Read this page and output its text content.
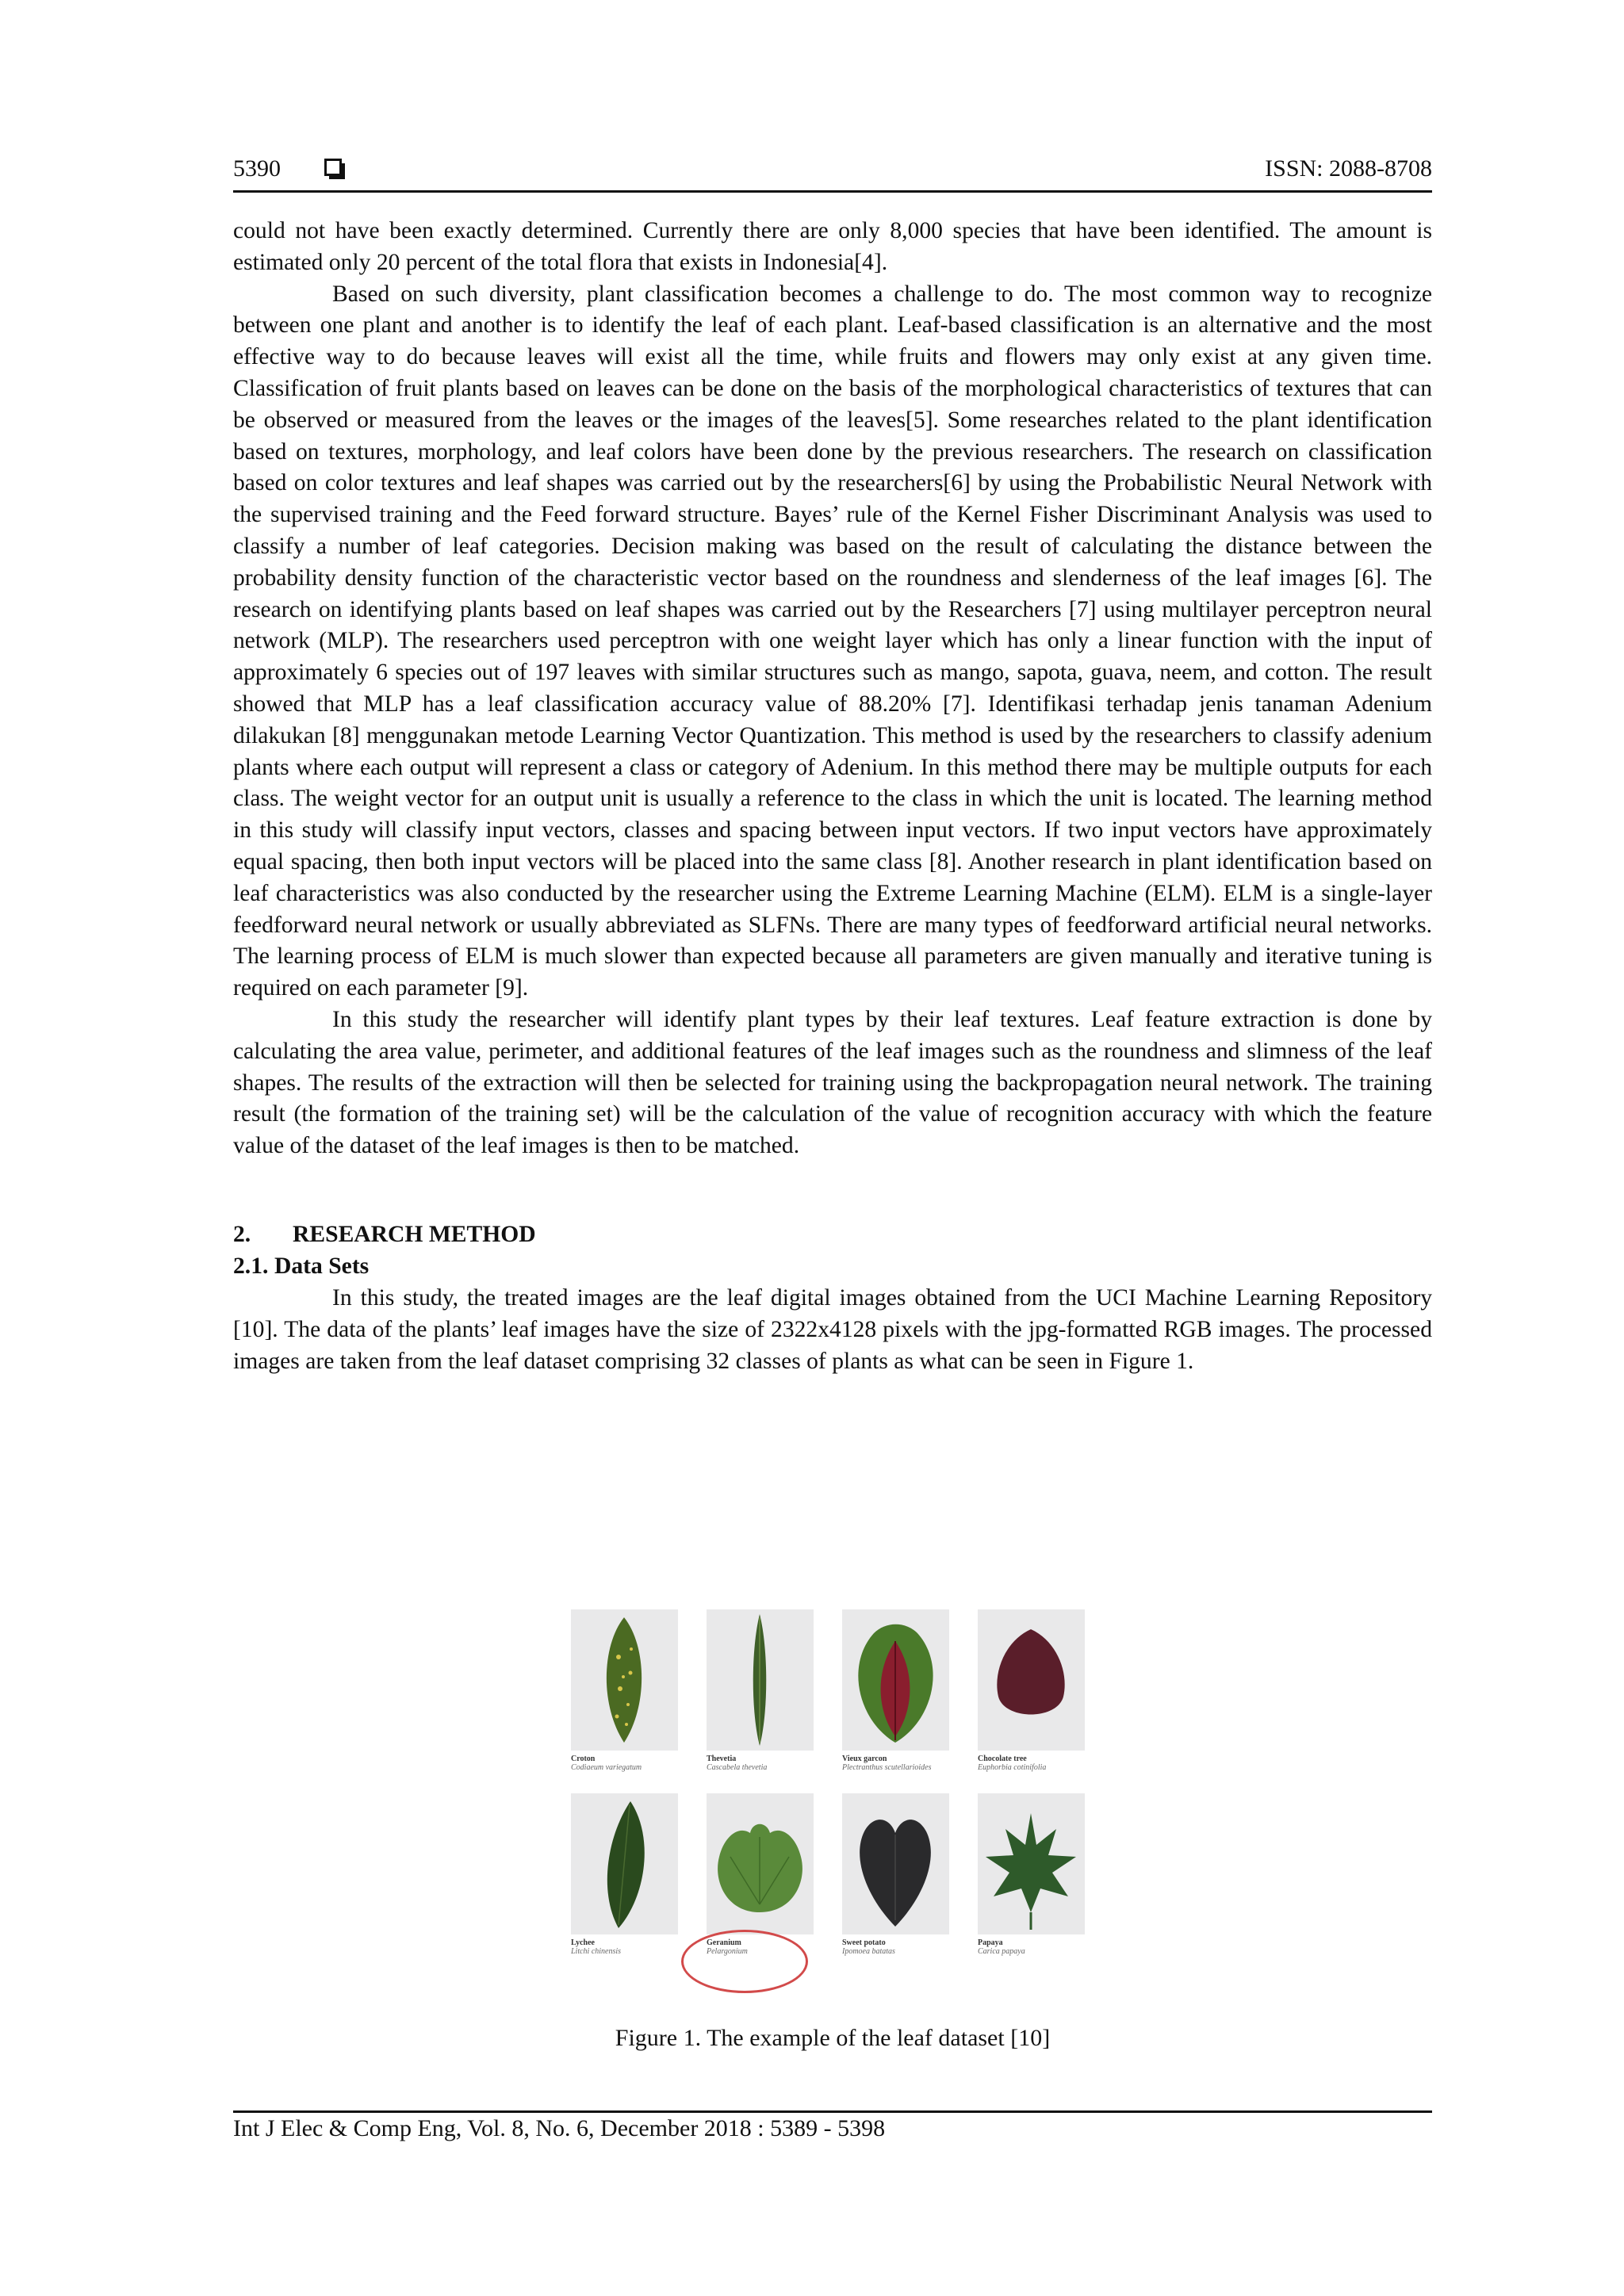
5390	ISSN: 2088-8708

could not have been exactly determined. Currently there are only 8,000 species that have been identified. The amount is estimated only 20 percent of the total flora that exists in Indonesia[4].

Based on such diversity, plant classification becomes a challenge to do. The most common way to recognize between one plant and another is to identify the leaf of each plant. Leaf-based classification is an alternative and the most effective way to do because leaves will exist all the time, while fruits and flowers may only exist at any given time. Classification of fruit plants based on leaves can be done on the basis of the morphological characteristics of textures that can be observed or measured from the leaves or the images of the leaves[5]. Some researches related to the plant identification based on textures, morphology, and leaf colors have been done by the previous researchers. The research on classification based on color textures and leaf shapes was carried out by the researchers[6] by using the Probabilistic Neural Network with the supervised training and the Feed forward structure. Bayes’ rule of the Kernel Fisher Discriminant Analysis was used to classify a number of leaf categories. Decision making was based on the result of calculating the distance between the probability density function of the characteristic vector based on the roundness and slenderness of the leaf images [6]. The research on identifying plants based on leaf shapes was carried out by the Researchers [7] using multilayer perceptron neural network (MLP). The researchers used perceptron with one weight layer which has only a linear function with the input of approximately 6 species out of 197 leaves with similar structures such as mango, sapota, guava, neem, and cotton. The result showed that MLP has a leaf classification accuracy value of 88.20% [7]. Identifikasi terhadap jenis tanaman Adenium dilakukan [8] menggunakan metode Learning Vector Quantization. This method is used by the researchers to classify adenium plants where each output will represent a class or category of Adenium. In this method there may be multiple outputs for each class. The weight vector for an output unit is usually a reference to the class in which the unit is located. The learning method in this study will classify input vectors, classes and spacing between input vectors. If two input vectors have approximately equal spacing, then both input vectors will be placed into the same class [8]. Another research in plant identification based on leaf characteristics was also conducted by the researcher using the Extreme Learning Machine (ELM). ELM is a single-layer feedforward neural network or usually abbreviated as SLFNs. There are many types of feedforward artificial neural networks. The learning process of ELM is much slower than expected because all parameters are given manually and iterative tuning is required on each parameter [9].

In this study the researcher will identify plant types by their leaf textures. Leaf feature extraction is done by calculating the area value, perimeter, and additional features of the leaf images such as the roundness and slimness of the leaf shapes. The results of the extraction will then be selected for training using the backpropagation neural network. The training result (the formation of the training set) will be the calculation of the value of recognition accuracy with which the feature value of the dataset of the leaf images is then to be matched.

2. RESEARCH METHOD
2.1. Data Sets

In this study, the treated images are the leaf digital images obtained from the UCI Machine Learning Repository [10]. The data of the plants’ leaf images have the size of 2322x4128 pixels with the jpg-formatted RGB images. The processed images are taken from the leaf dataset comprising 32 classes of plants as what can be seen in Figure 1.

Croton
Codiaeum variegatum
Thevetia
Cascabela thevetia
Vieux garcon
Plectranthus scutellarioides
Chocolate tree
Euphorbia cotinifolia
Lychee
Litchi chinensis
Geranium
Pelargonium
Sweet potato
Ipomoea batatas
Papaya
Carica papaya
Figure 1. The example of the leaf dataset [10]
Int J Elec & Comp Eng, Vol. 8, No. 6, December 2018 : 5389 - 5398
